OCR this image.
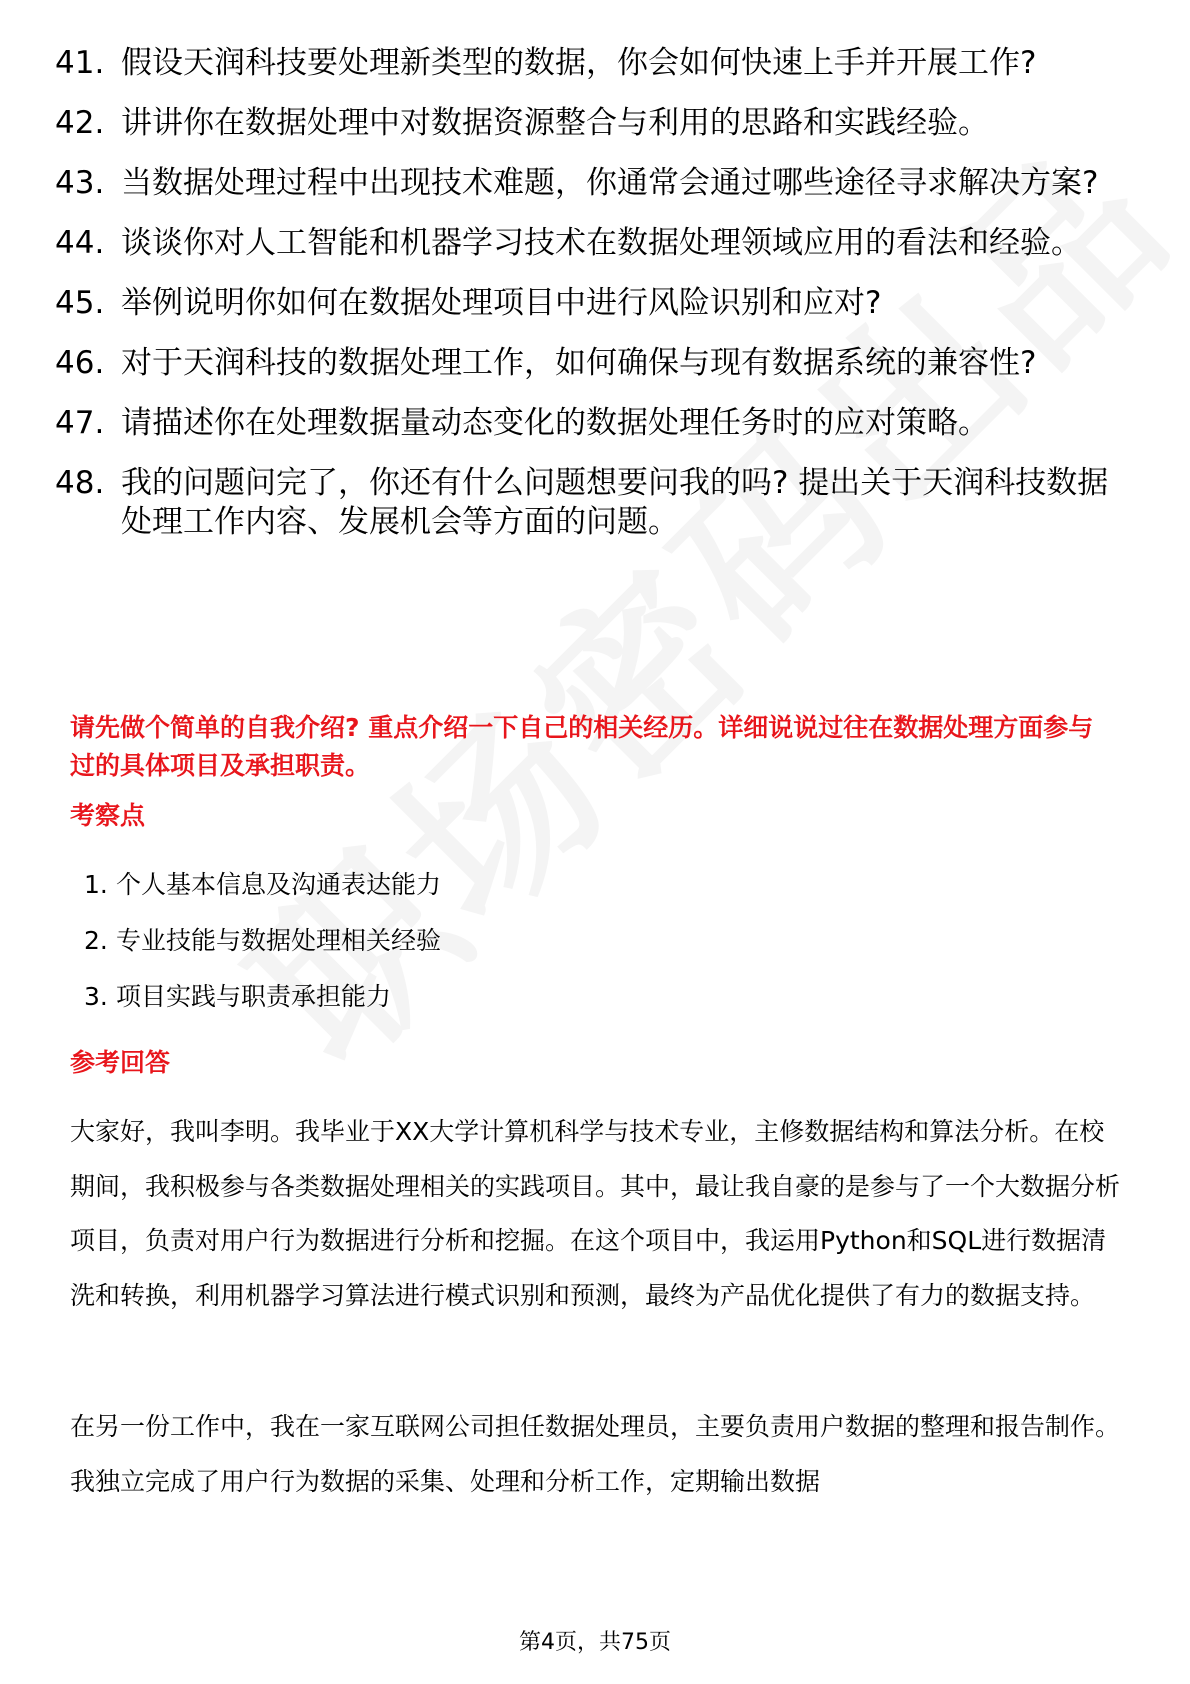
41. 假设天润科技要处理新类型的数据，你会如何快速上手并开展工作?
42. 讲讲你在数据处理中对数据资源整合与利用的思路和实践经验。
43. 当数据处理过程中出现技术难题，你通常会通过哪些途径寻求解决方案?
44. 谈谈你对人工智能和机器学习技术在数据处理领域应用的看法和经验。
45. 举例说明你如何在数据处理项目中进行风险识别和应对?
46. 对于天润科技的数据处理工作，如何确保与现有数据系统的兼容性?
47. 请描述你在处理数据量动态变化的数据处理任务时的应对策略。
48. 我的问题问完了，你还有什么问题想要问我的吗? 提出关于天润科技数据处理工作内容、发展机会等方面的问题。

请先做个简单的自我介绍? 重点介绍一下自己的相关经历。详细说说过往在数据处理方面参与过的具体项目及承担职责。

考察点
1. 个人基本信息及沟通表达能力
2. 专业技能与数据处理相关经验
3. 项目实践与职责承担能力
参考回答

大家好，我叫李明。我毕业于XX大学计算机科学与技术专业，主修数据结构和算法分析。在校期间，我积极参与各类数据处理相关的实践项目。其中，最让我自豪的是参与了一个大数据分析项目，负责对用户行为数据进行分析和挖掘。在这个项目中，我运用Python和SQL进行数据清洗和转换，利用机器学习算法进行模式识别和预测，最终为产品优化提供了有力的数据支持。

在另一份工作中，我在一家互联网公司担任数据处理员，主要负责用户数据的整理和报告制作。我独立完成了用户行为数据的采集、处理和分析工作，定期输出数据

第4页，共75页
